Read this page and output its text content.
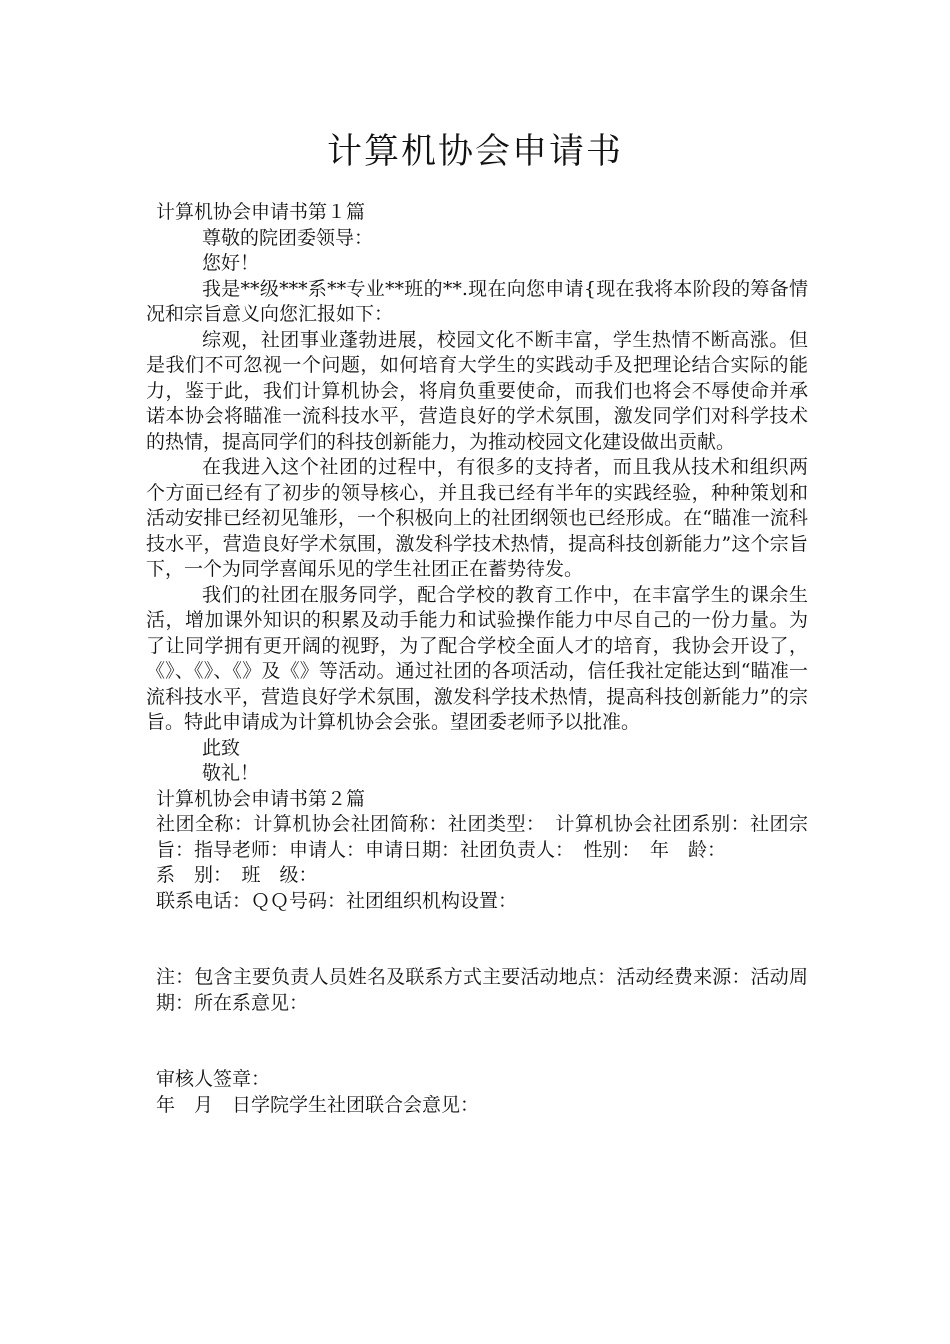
计算机协会申请书

计算机协会申请书第１篇

尊敬的院团委领导：

您好！

我是**级***系**专业**班的**.现在向您申请{现在我将本阶段的筹备情况和宗旨意义向您汇报如下：

综观，社团事业蓬勃进展，校园文化不断丰富，学生热情不断高涨。但是我们不可忽视一个问题，如何培育大学生的实践动手及把理论结合实际的能力，鉴于此，我们计算机协会，将肩负重要使命，而我们也将会不辱使命并承诺本协会将瞄准一流科技水平，营造良好的学术氛围，激发同学们对科学技术的热情，提高同学们的科技创新能力，为推动校园文化建设做出贡献。

在我进入这个社团的过程中，有很多的支持者，而且我从技术和组织两个方面已经有了初步的领导核心，并且我已经有半年的实践经验，种种策划和活动安排已经初见雏形，一个积极向上的社团纲领也已经形成。在“瞄准一流科技水平，营造良好学术氛围，激发科学技术热情，提高科技创新能力”这个宗旨下，一个为同学喜闻乐见的学生社团正在蓄势待发。

我们的社团在服务同学，配合学校的教育工作中，在丰富学生的课余生活，增加课外知识的积累及动手能力和试验操作能力中尽自己的一份力量。为了让同学拥有更开阔的视野，为了配合学校全面人才的培育，我协会开设了，《》、《》、《》及《》等活动。通过社团的各项活动，信任我社定能达到“瞄准一流科技水平，营造良好学术氛围，激发科学技术热情，提高科技创新能力”的宗旨。特此申请成为计算机协会会张。望团委老师予以批准。

此致

敬礼！

计算机协会申请书第２篇

社团全称：计算机协会社团简称：社团类型：　计算机协会社团系别：社团宗旨：指导老师：申请人：申请日期：社团负责人：　性别：　年　龄：

系　别：　班　级：

联系电话：ＱＱ号码：社团组织机构设置：

注：包含主要负责人员姓名及联系方式主要活动地点：活动经费来源：活动周期：所在系意见：

审核人签章：

年　月　日学院学生社团联合会意见：
